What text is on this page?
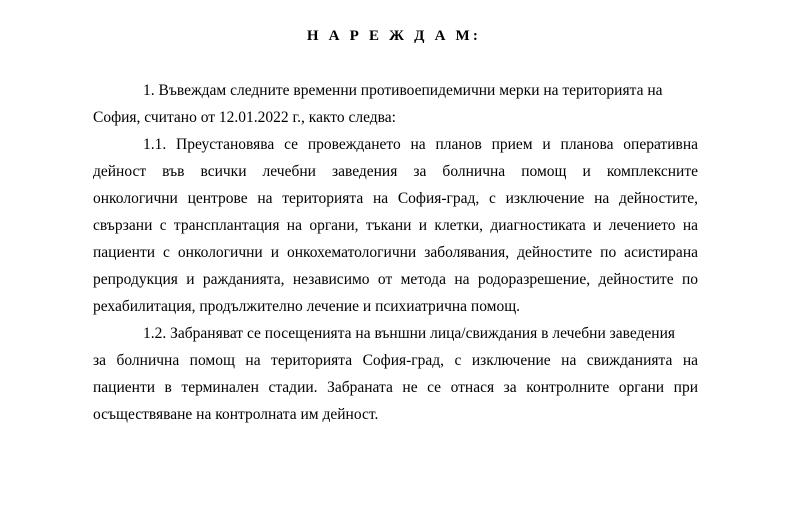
Н А Р Е Ж Д А М:
1. Въвеждам следните временни противоепидемични мерки на територията на
София, считано от 12.01.2022 г., както следва:
1.1. Преустановява се провеждането на планов прием и планова оперативна
дейност във всички лечебни заведения за болнична помощ и комплексните
онкологични центрове на територията на София-град, с изключение на дейностите,
свързани с трансплантация на органи, тъкани и клетки, диагностиката и лечението на
пациенти с онкологични и онкохематологични заболявания, дейностите по асистирана
репродукция и ражданията, независимо от метода на родоразрешение, дейностите по
рехабилитация, продължително лечение и психиатрична помощ.
1.2. Забраняват се посещенията на външни лица/свиждания в лечебни заведения
за болнична помощ на територията София-град, с изключение на свижданията на
пациенти в терминален стадии. Забраната не се отнася за контролните органи при
осъществяване на контролната им дейност.
